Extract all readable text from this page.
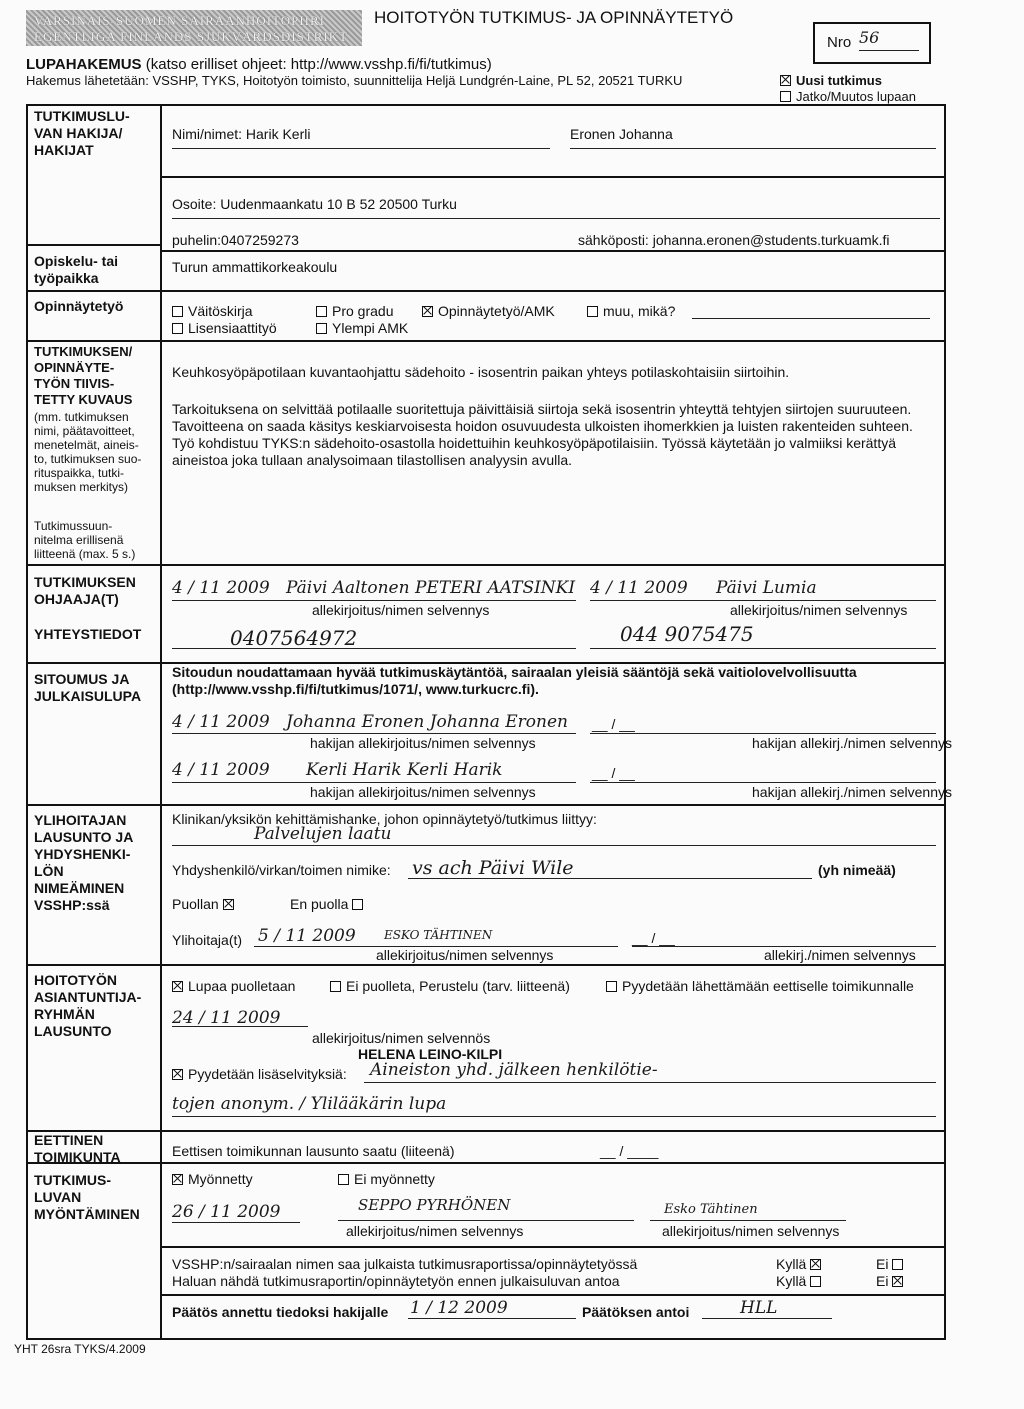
VARSINAIS-SUOMEN SAIRAANHOITOPIIRI
EGENTLIGA FINLANDS SJUKVÅRDSDISTRIKT
HOITOTYÖN TUTKIMUS- JA OPINNÄYTETYÖ
Nro 56
LUPAHAKEMUS (katso erilliset ohjeet: http://www.vsshp.fi/fi/tutkimus)
Hakemus lähetetään: VSSHP, TYKS, Hoitotyön toimisto, suunnittelija Heljä Lundgrén-Laine, PL 52, 20521 TURKU	Uusi tutkimus
Jatko/Muutos lupaan
TUTKIMUSLU-
VAN HAKIJA/
HAKIJAT
Nimi/nimet: Harik Kerli	Eronen Johanna
Osoite: Uudenmaankatu 10 B 52 20500 Turku
puhelin:0407259273	sähköposti: johanna.eronen@students.turkuamk.fi
Opiskelu- tai
työpaikka
Turun ammattikorkeakoulu
Opinnäytetyö	Väitöskirja	Pro gradu	Opinnäytetyö/AMK	muu, mikä?
Lisensiaattityö	Ylempi AMK
TUTKIMUKSEN/
OPINNÄYTE-
TYÖN TIIVIS-
TETTY KUVAUS
(mm. tutkimuksen
nimi, päätavoitteet,
menetelmät, aineis-
to, tutkimuksen suo-
rituspaikka, tutki-
muksen merkitys)
Tutkimussuun-
nitelma erillisenä
liitteenä (max. 5 s.)
Keuhkosyöpäpotilaan kuvantaohjattu sädehoito - isosentrin paikan yhteys potilaskohtaisiin siirtoihin.
Tarkoituksena on selvittää potilaalle suoritettuja päivittäisiä siirtoja sekä isosentrin yhteyttä tehtyjen siirtojen suuruuteen. Tavoitteena on saada käsitys keskiarvoisesta hoidon osuvuudesta ulkoisten ihomerkkien ja luisten rakenteiden suhteen. Työ kohdistuu TYKS:n sädehoito-osastolla hoidettuihin keuhkosyöpäpotilaisiin. Työssä käytetään jo valmiiksi kerättyä aineistoa joka tullaan analysoimaan tilastollisen analyysin avulla.
TUTKIMUKSEN
OHJAAJA(T)
YHTEYSTIEDOT
4 / 11 2009 Päivi Aaltonen PETERI AATSINKI 4 / 11 2009 Päivi Lumia
allekirjoitus/nimen selvennys	allekirjoitus/nimen selvennys
0407564972	044 9075475
SITOUMUS JA
JULKAISULUPA
Sitoudun noudattamaan hyvää tutkimuskäytäntöä, sairaalan yleisiä sääntöjä sekä vaitiolovelvollisuutta (http://www.vsshp.fi/fi/tutkimus/1071/, www.turkucrc.fi).
4 / 11 2009 Johanna Eronen Johanna Eronen
hakijan allekirjoitus/nimen selvennys
__ / __
hakijan allekirj./nimen selvennys
4 / 11 2009 Kerli Harik Kerli Harik
hakijan allekirjoitus/nimen selvennys
__ / __
hakijan allekirj./nimen selvennys
YLIHOITAJAN
LAUSUNTO JA
YHDYSHENKI-
LÖN
NIMEÄMINEN
VSSHP:ssä
Klinikan/yksikön kehittämishanke, johon opinnäytetyö/tutkimus liittyy:
Palvelujen laatu
Yhdyshenkilö/virkan/toimen nimike: vs ach Päivi Wile	(yh nimeää)
Puollan	En puolla
Ylihoitaja(t) 5 / 11 2009 ESKO TÄHTINEN
allekirjoitus/nimen selvennys
__ / __
allekirj./nimen selvennys
HOITOTYÖN
ASIANTUNTIJA-
RYHMÄN
LAUSUNTO
Lupaa puolletaan	Ei puolleta, Perustelu (tarv. liitteenä)	Pyydetään lähettämään eettiselle toimikunnalle
24 / 11 2009
allekirjoitus/nimen selvennös
HELENA LEINO-KILPI
Pyydetään lisäselvityksiä: Aineiston yhd. jälkeen henkilötie-
tojen anonym. / Ylilääkärin lupa
EETTINEN
TOIMIKUNTA	Eettisen toimikunnan lausunto saatu (liiteenä)	__ / ____
TUTKIMUS-
LUVAN
MYÖNTÄMINEN
Myönnetty	Ei myönnetty
26 / 11 2009	SEPPO PYRHÖNEN	Esko Tähtinen
allekirjoitus/nimen selvennys	allekirjoitus/nimen selvennys
VSSHP:n/sairaalan nimen saa julkaista tutkimusraportissa/opinnäytetyössä
Haluan nähdä tutkimusraportin/opinnäytetyön ennen julkaisuluvan antoa
Kyllä	Ei
Kyllä	Ei
Päätös annettu tiedoksi hakijalle 1 / 12 2009	Päätöksen antoi	HLL
YHT 26sra TYKS/4.2009
